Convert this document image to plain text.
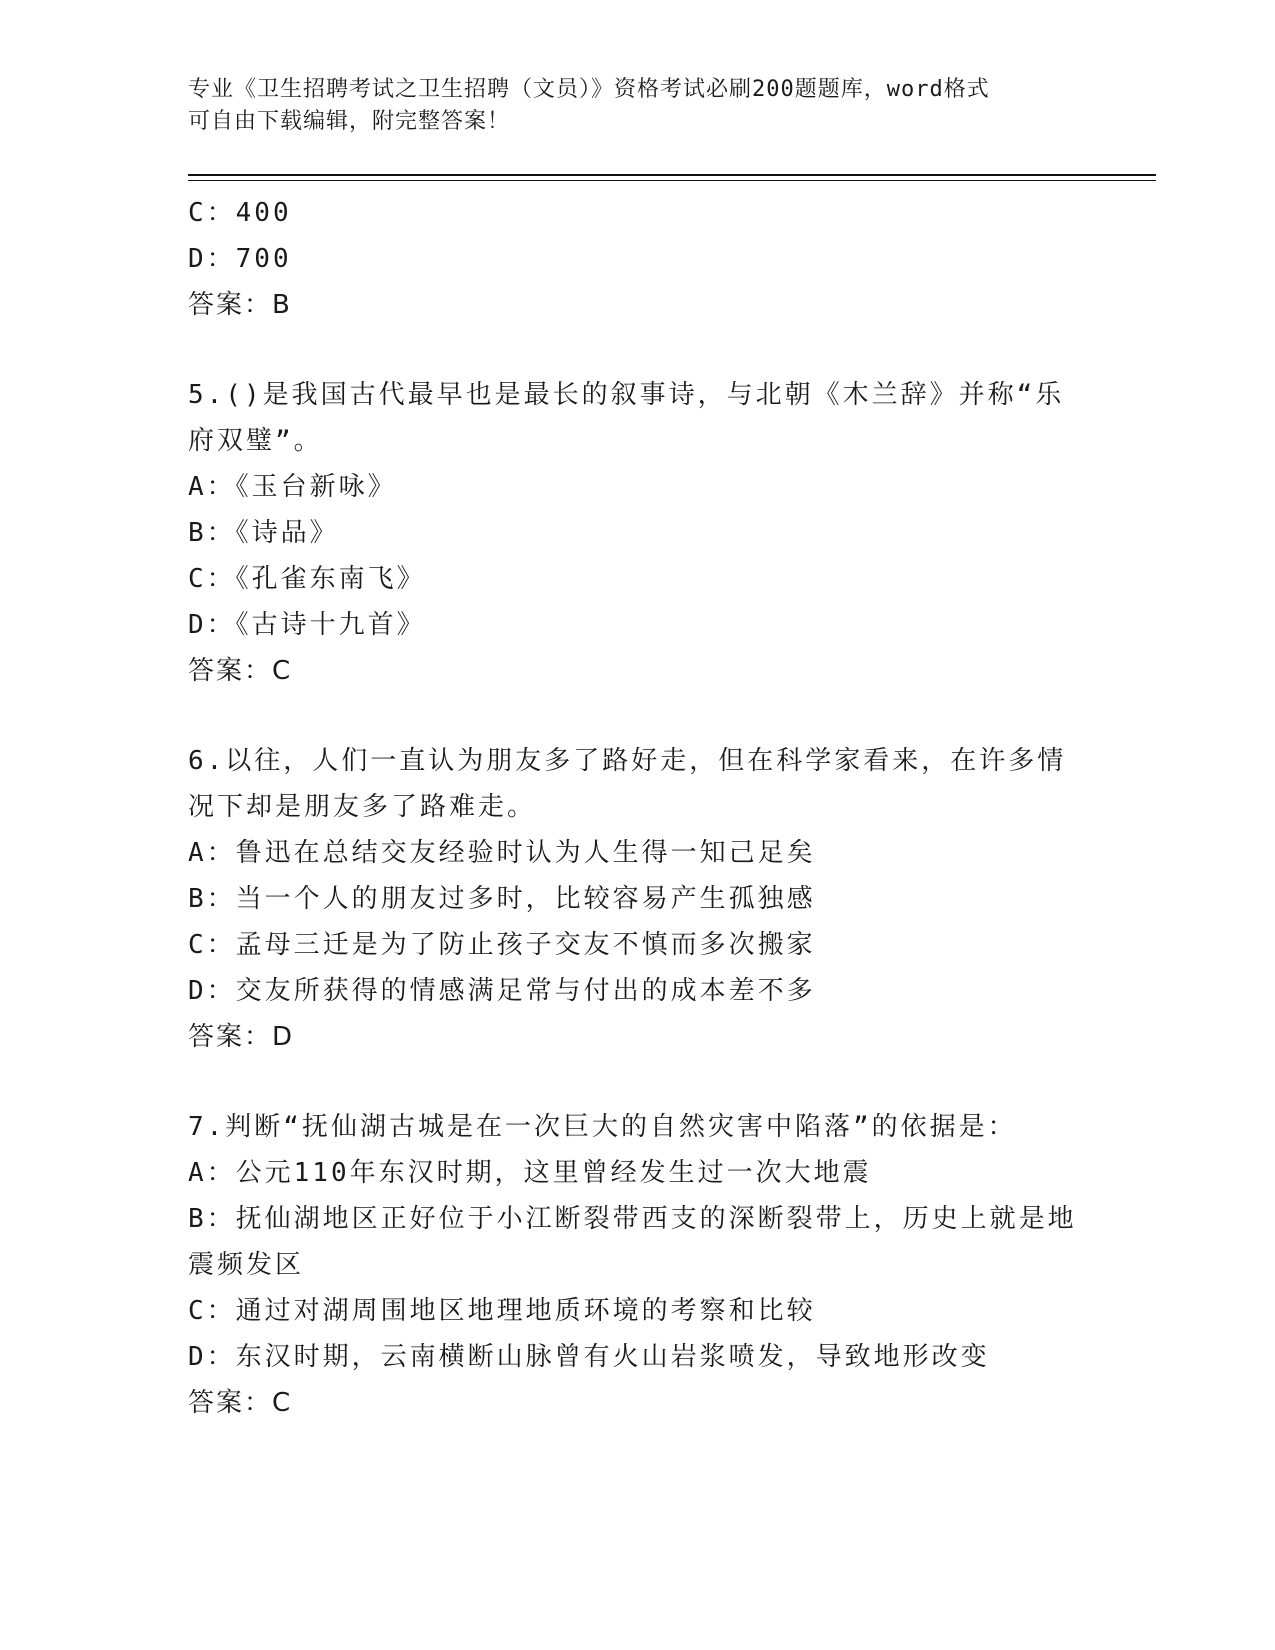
专业《卫生招聘考试之卫生招聘（文员）》资格考试必刷200题题库，word格式
可自由下载编辑，附完整答案！
C：400
D：700
答案：B
5.()是我国古代最早也是最长的叙事诗，与北朝《木兰辞》并称“乐
府双璧”。
A：《玉台新咏》
B：《诗品》
C：《孔雀东南飞》
D：《古诗十九首》
答案：C
6.以往，人们一直认为朋友多了路好走，但在科学家看来，在许多情
况下却是朋友多了路难走。
A：鲁迅在总结交友经验时认为人生得一知己足矣
B：当一个人的朋友过多时，比较容易产生孤独感
C：孟母三迁是为了防止孩子交友不慎而多次搬家
D：交友所获得的情感满足常与付出的成本差不多
答案：D
7.判断“抚仙湖古城是在一次巨大的自然灾害中陷落”的依据是：
A：公元110年东汉时期，这里曾经发生过一次大地震
B：抚仙湖地区正好位于小江断裂带西支的深断裂带上，历史上就是地
震频发区
C：通过对湖周围地区地理地质环境的考察和比较
D：东汉时期，云南横断山脉曾有火山岩浆喷发，导致地形改变
答案：C
